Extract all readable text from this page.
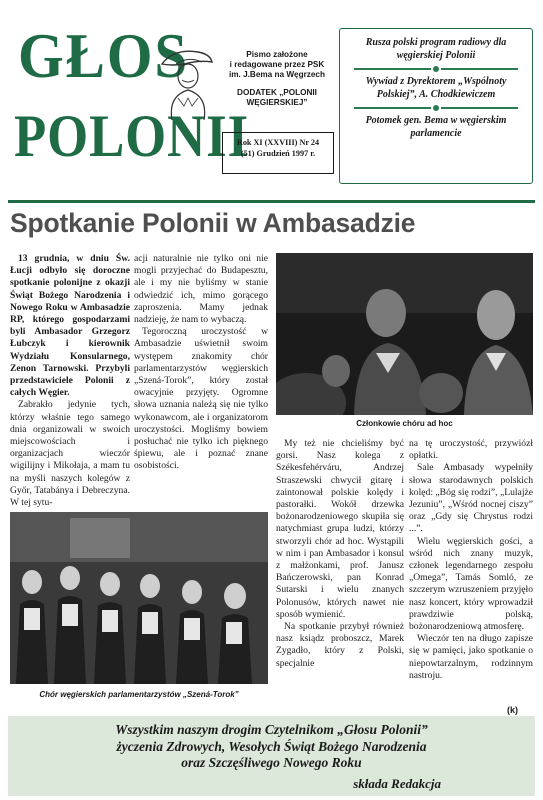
GŁOS
POLONII
Pismo założone
i redagowane przez PSK
im. J.Bema na Węgrzech
DODATEK „POLONII
WĘGIERSKIEJ”
Rok XI (XXVIII) Nr 24
(51) Grudzień 1997 r.
Rusza polski program radiowy dla węgierskiej Polonii
Wywiad z Dyrektorem „Wspólnoty Polskiej”, A. Chodkiewiczem
Potomek gen. Bema w węgierskim parlamencie
Spotkanie Polonii w Ambasadzie

13 grudnia, w dniu Św. Łucji odbyło się doroczne spotkanie polonijne z okazji Świąt Bożego Narodzenia i Nowego Roku w Ambasadzie RP, którego gospodarzami byli Ambasador Grzegorz Łubczyk i kierownik Wydziału Konsularnego, Zenon Tarnowski. Przybyli przedstawiciele Polonii z całych Węgier.

Zabrakło jedynie tych, którzy właśnie tego samego dnia organizowali w swoich miejscowościach i organizacjach wieczór wigilijny i Mikołaja, a mam tu na myśli naszych kolegów z Győr, Tatabánya i Debreczyna. W tej sytu-

acji naturalnie nie tylko oni nie mogli przyjechać do Budapesztu, ale i my nie byliśmy w stanie odwiedzić ich, mimo gorącego zaproszenia. Mamy jednak nadzieję, że nam to wybaczą.

Tegoroczną uroczystość w Ambasadzie uświetnił swoim występem znakomity chór parlamentarzystów węgierskich „Szená-Torok”, który został owacyjnie przyjęty. Ogromne słowa uznania należą się nie tylko wykonawcom, ale i organizatorom uroczystości. Mogliśmy bowiem posłuchać nie tylko ich pięknego śpiewu, ale i poznać znane osobistości.

Członkowie chóru ad hoc
Chór węgierskich parlamentarzystów „Szená-Torok”

My też nie chcieliśmy być gorsi. Nasz kolega z Székesfehérváru, Andrzej Straszewski chwycił gitarę i zaintonował polskie kolędy i pastorałki. Wokół drzewka bożonarodzeniowego skupiła się natychmiast grupa ludzi, którzy stworzyli chór ad hoc. Wystąpili w nim i pan Ambasador i konsul z małżonkami, prof. Janusz Bańczerowski, pan Konrad Sutarski i wielu znanych Polonusów, których nawet nie sposób wymienić.

Na spotkanie przybył również nasz ksiądz proboszcz, Marek Zygadło, który z Polski, specjalnie

na tę uroczystość, przywiózł opłatki.

Sale Ambasady wypełniły słowa starodawnych polskich kolęd: „Bóg się rodzi”, „Lulajże Jezuniu”, „Wśród nocnej ciszy” oraz „Gdy się Chrystus rodzi ...”.

Wielu węgierskich gości, a wśród nich znany muzyk, członek legendarnego zespołu „Omega”, Tamás Somló, ze szczerym wzruszeniem przyjęło nasz koncert, który wprowadził prawdziwie polską, bożonarodzeniową atmosferę.

Wieczór ten na długo zapisze się w pamięci, jako spotkanie o niepowtarzalnym, rodzinnym nastroju.

(k)
Wszystkim naszym drogim Czytelnikom „Głosu Polonii”
życzenia Zdrowych, Wesołych Świąt Bożego Narodzenia
oraz Szczęśliwego Nowego Roku
składa Redakcja
